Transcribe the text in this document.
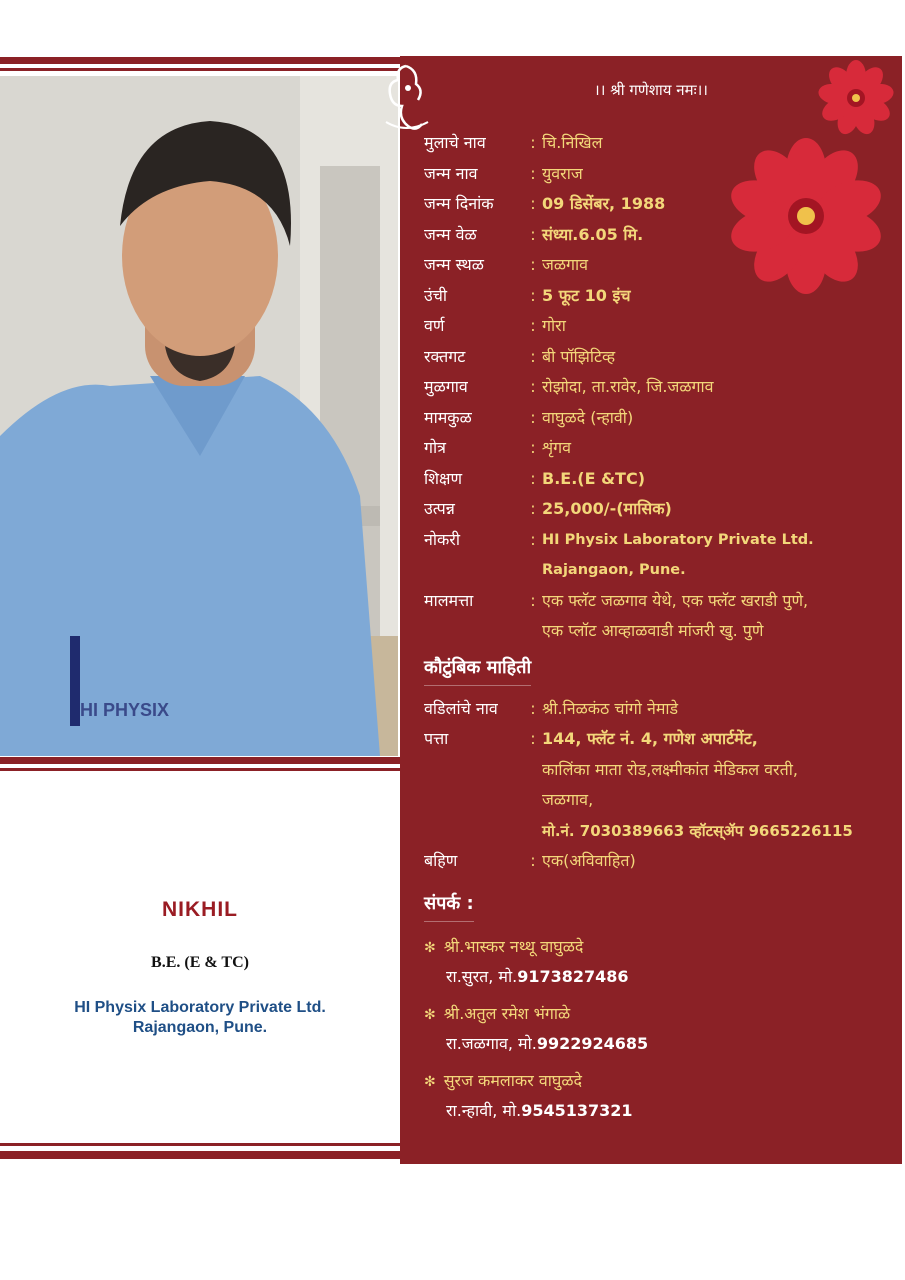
HI PHYSIX
NIKHIL
B.E. (E & TC)
HI Physix Laboratory Private Ltd.
Rajangaon, Pune.
।। श्री गणेशाय नमः।।
मुलाचे नाव	: चि.निखिल
जन्म नाव	: युवराज
जन्म दिनांक	: 09 डिसेंबर, 1988
जन्म वेळ	: संध्या.6.05 मि.
जन्म स्थळ	: जळगाव
उंची	: 5 फूट 10 इंच
वर्ण	: गोरा
रक्तगट	: बी पॉझिटिव्ह
मुळगाव	: रोझोदा, ता.रावेर, जि.जळगाव
मामकुळ	: वाघुळदे (न्हावी)
गोत्र	: शृंगव
शिक्षण	: B.E.(E &TC)
उत्पन्न	: 25,000/-(मासिक)
नोकरी	: HI Physix Laboratory Private Ltd.
Rajangaon, Pune.
मालमत्ता	: एक फ्लॅट जळगाव येथे, एक फ्लॅट खराडी पुणे,
एक प्लॉट आव्हाळवाडी मांजरी खु. पुणे
कौटुंबिक माहिती
वडिलांचे नाव	: श्री.निळकंठ चांगो नेमाडे
पत्ता	: 144, फ्लॅट नं. 4, गणेश अपार्टमेंट,
कालिंका माता रोड,लक्ष्मीकांत मेडिकल वरती,
जळगाव,
मो.नं. 7030389663 व्हॉटस्ॲप 9665226115
बहिण	: एक(अविवाहित)
संपर्क :
✻ श्री.भास्कर नथ्थू वाघुळदे
रा.सुरत, मो.9173827486
✻ श्री.अतुल रमेश भंगाळे
रा.जळगाव, मो.9922924685
✻ सुरज कमलाकर वाघुळदे
रा.न्हावी, मो.9545137321
